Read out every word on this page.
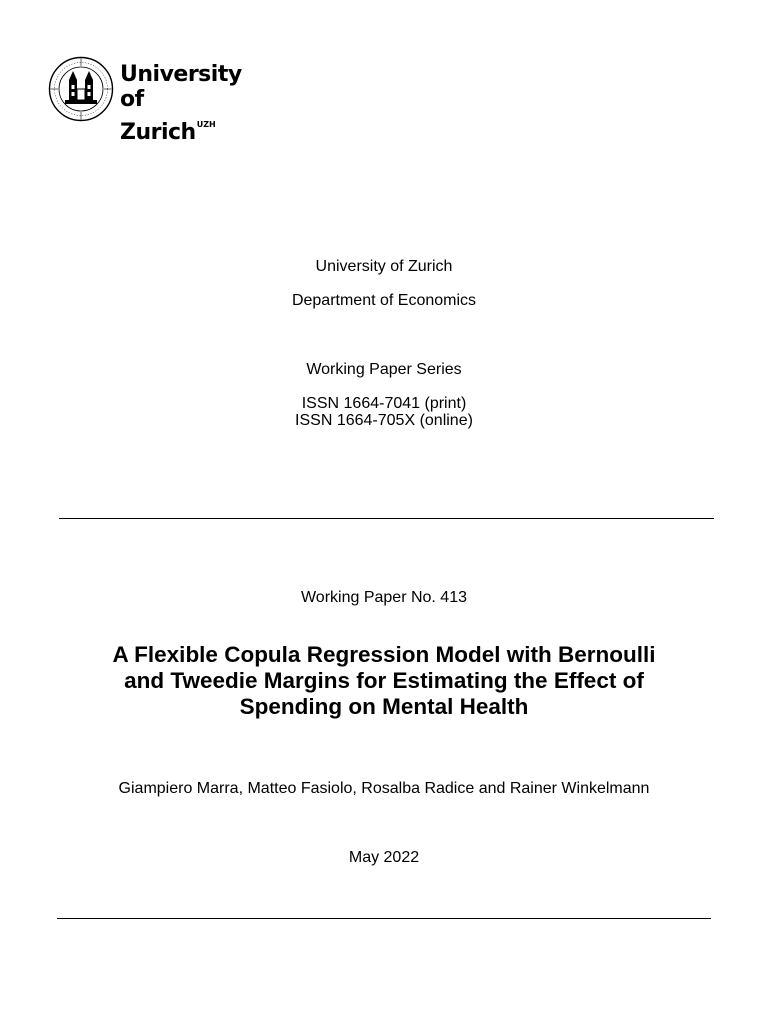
University of
Zurich$^{UZH}$
University of Zurich
Department of Economics
Working Paper Series
ISSN 1664-7041 (print)
ISSN 1664-705X (online)
Working Paper No. 413
A Flexible Copula Regression Model with Bernoulli
and Tweedie Margins for Estimating the Effect of
Spending on Mental Health
Giampiero Marra, Matteo Fasiolo, Rosalba Radice and Rainer Winkelmann
May 2022
